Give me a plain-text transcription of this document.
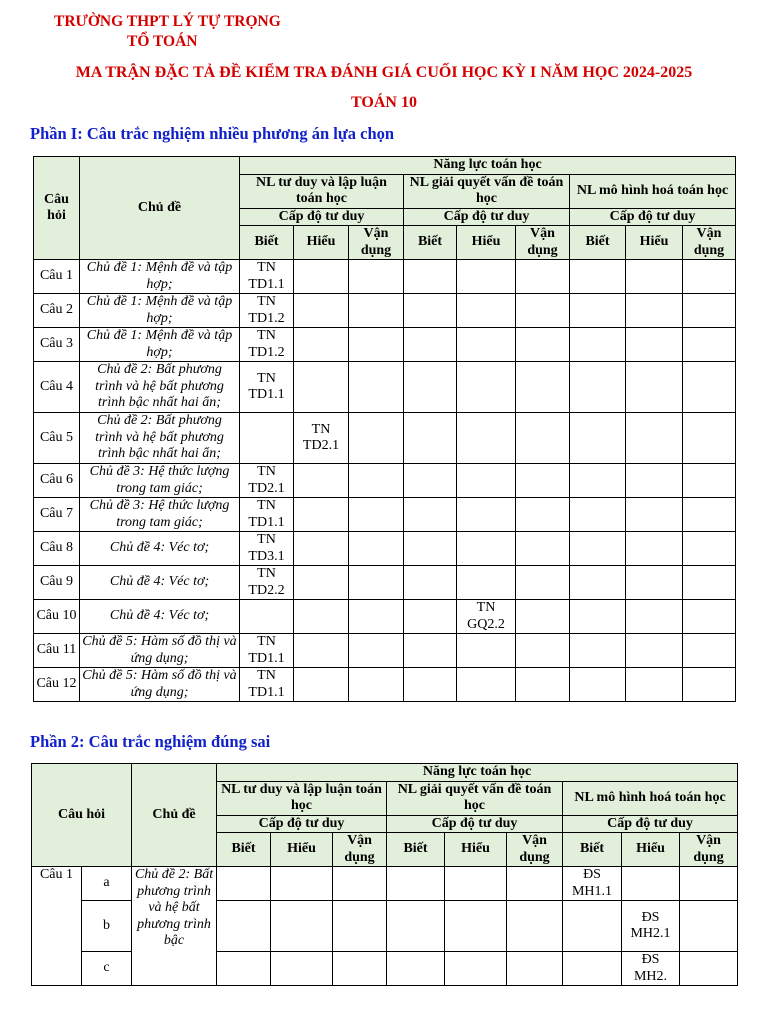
TRƯỜNG THPT LÝ TỰ TRỌNG
TỔ TOÁN
MA TRẬN ĐẶC TẢ ĐỀ KIỂM TRA ĐÁNH GIÁ CUỐI HỌC KỲ I NĂM HỌC 2024-2025
TOÁN 10
Phần I: Câu trắc nghiệm nhiều phương án lựa chọn
Câu hỏi	Chủ đề	Năng lực toán học								
		NL tư duy và lập luận toán học			NL giải quyết vấn đề toán học			NL mô hình hoá toán học		
		Cấp độ tư duy			Cấp độ tư duy			Cấp độ tư duy		
		Biết	Hiểu	Vận dụng	Biết	Hiểu	Vận dụng	Biết	Hiểu	Vận dụng
Câu 1	Chủ đề 1: Mệnh đề và tập hợp;	TN TD1.1								
Câu 2	Chủ đề 1: Mệnh đề và tập hợp;	TN TD1.2								
Câu 3	Chủ đề 1: Mệnh đề và tập hợp;	TN TD1.2								
Câu 4	Chủ đề 2: Bất phương trình và hệ bất phương trình bậc nhất hai ẩn;	TN TD1.1								
Câu 5	Chủ đề 2: Bất phương trình và hệ bất phương trình bậc nhất hai ẩn;		TN TD2.1							
Câu 6	Chủ đề 3: Hệ thức lượng trong tam giác;	TN TD2.1								
Câu 7	Chủ đề 3: Hệ thức lượng trong tam giác;	TN TD1.1								
Câu 8	Chủ đề 4: Véc tơ;	TN TD3.1								
Câu 9	Chủ đề 4: Véc tơ;	TN TD2.2								
Câu 10	Chủ đề 4: Véc tơ;					TN GQ2.2				
Câu 11	Chủ đề 5: Hàm số đồ thị và ứng dụng;	TN TD1.1								
Câu 12	Chủ đề 5: Hàm số đồ thị và ứng dụng;	TN TD1.1								
Phần 2: Câu trắc nghiệm đúng sai
Câu hỏi		Chủ đề	Năng lực toán học								
			NL tư duy và lập luận toán học			NL giải quyết vấn đề toán học			NL mô hình hoá toán học		
			Cấp độ tư duy			Cấp độ tư duy			Cấp độ tư duy		
			Biết	Hiểu	Vận dụng	Biết	Hiểu	Vận dụng	Biết	Hiểu	Vận dụng
Câu 1	a	Chủ đề 2: Bất phương trình và hệ bất phương trình bậc							ĐS MH1.1		
	b									ĐS MH2.1	
	c									ĐS MH2.	
